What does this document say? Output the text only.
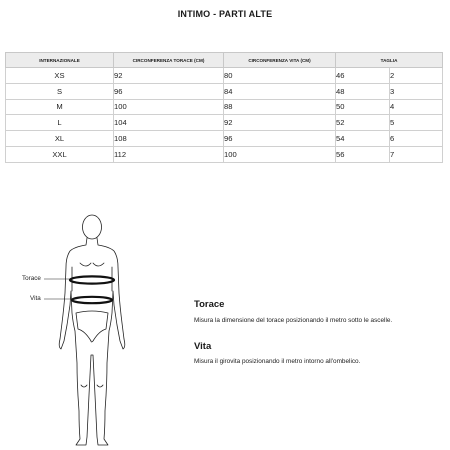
INTIMO - PARTI ALTE
INTERNAZIONALE	CIRCONFERENZA TORACE (CM)	CIRCONFERENZA VITA (CM)	TAGLIA	
XS	92	80	46	2
S	96	84	48	3
M	100	88	50	4
L	104	92	52	5
XL	108	96	54	6
XXL	112	100	56	7
Torace
Vita
Torace
Misura la dimensione del torace posizionando il metro sotto le ascelle.
Vita
Misura il girovita posizionando il metro intorno all'ombelico.
